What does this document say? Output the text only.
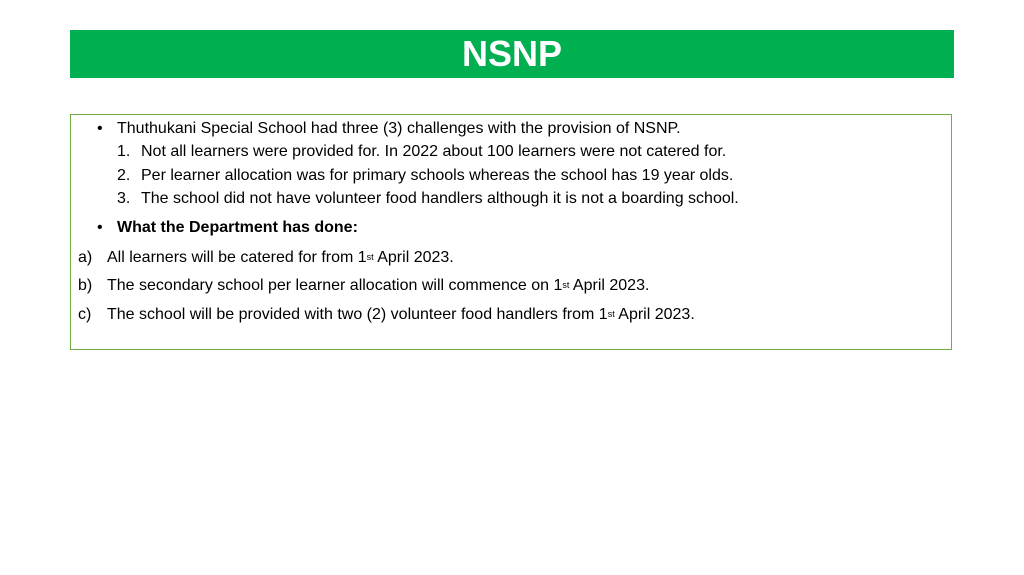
NSNP
• Thuthukani Special School had three (3) challenges with the provision of NSNP.
1. Not all learners were provided for. In 2022 about 100 learners were not catered for.
2. Per learner allocation was for primary schools whereas the school has 19 year olds.
3. The school did not have volunteer food handlers although it is not a boarding school.
• What the Department has done:
a) All learners will be catered for from 1st April 2023.
b) The secondary school per learner allocation will commence on 1st April 2023.
c) The school will be provided with two (2) volunteer food handlers from 1st April 2023.
